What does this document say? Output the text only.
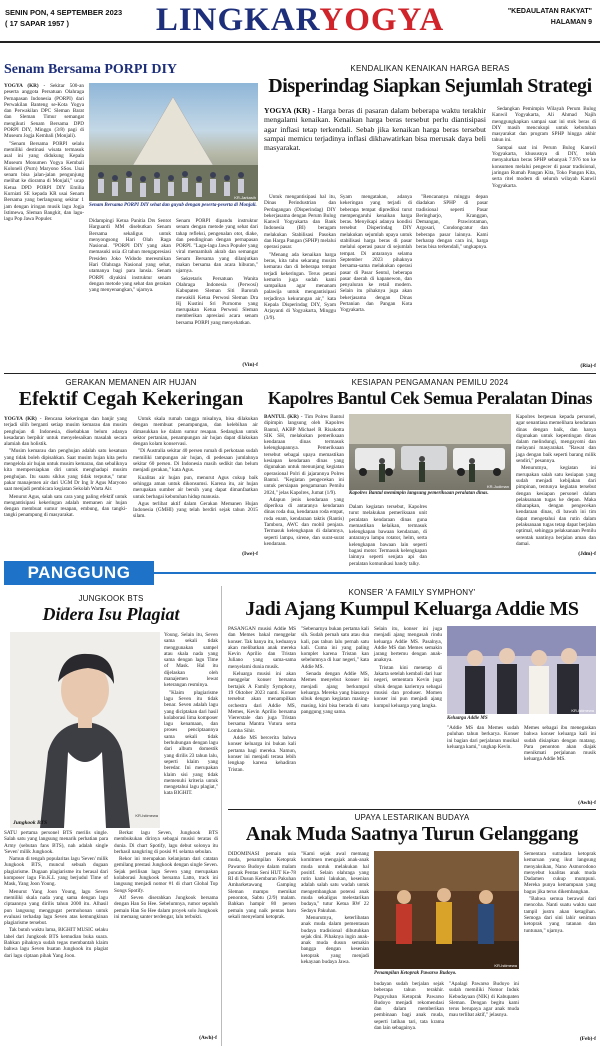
SENIN PON, 4 SEPTEMBER 2023
( 17 SAPAR 1957 )	LINGKARYOGYA	"KEDAULATAN RAKYAT"
HALAMAN 9
Senam Bersama PORPI DIY

YOGYA (KR) - Sekitar 500-an peserta anggota Persatuan Olahraga Pernapasan Indonesia (PORPI) dari Perwakilan Banteng se-Kota Yogya dan Perwakilan DPC Sleman Barat dan Sleman Timur semangat mengikuti Senam Bersama DPD PORPI DIY, Minggu (3/8) pagi di Museum Jogja Kembali (Monjali).

"Senam Bersama PORPI selalu memiliki destinasi wisata termasuk asal ini yang didukung Kepala Museum Monumen Yogya Kembali Koloneli (Purn) Maryono SSos. Usai senam bisa jalan-jalan pengunjung melihat ke diorama di Monjali," ucap Ketua DPD PORPI DIY Emilia Kurniati SE kepada KR usai Senam Bersama yang berlangsung sekitar 1 jam dengan iringan musik lagu Jogja Istimewa, Sleman Bangkit, dan lagu-lagu Pop Jawa Populer.

KR-Jarkasih
Senam Bersama PORPI DIY sehat dan guyub dengan peserta-peserta di Monjali.

Didampingi Ketua Panitia Drs Sentot Harguardi MM disebutkan Senam Bersama sekaligus untuk menyongsong Hari Olah Raga Nasional. "PORPI DIY yang akan memasuki usia 43 tahun mengapresiasi Presiden Joko Widodo meresmikan Hari Olahraga Nasional yang sehat, utamanya bagi para lansia. Senam PORPI diyakini instruktur senam dengan metode yang sehat dan gerakan yang menyenangkan," ujarnya.

Senam PORPI dipandu instruktur senam dengan metode yang sehat dari tahap refleksi, pengenalan otot, diake, dan pendinginan dengan pernapasan PORPI. "Lagu-lagu Jawa Populer yang viral memambah akrab dan semangat Senam Bersama yang dilanjutkan makan bersama dan acara hiburan," ujarnya.

Sekretaris Persatuan Wanita Olahraga Indonesia (Perwosi) Kabupaten Sleman Siti Barorah mewakili Ketua Perwosi Sleman Dra Hj Kustini Sri Purnomo yang merupakan Ketua Perwosi Sleman memberikan apresiasi acara senam bersama PORPI yang menyehatkan.

(Vin)-f
KENDALIKAN KENAIKAN HARGA BERAS
Disperindag Siapkan Sejumlah Strategi
YOGYA (KR) - Harga beras di pasaran dalam beberapa waktu terakhir mengalami kenaikan. Kenaikan harga beras tersebut perlu diantisipasi agar inflasi tetap terkendali. Sebab jika kenaikan harga beras tersebut sampai memicu terjadinya inflasi dikhawatirkan bisa merusak daya beli masyarakat.

Untuk mengantisipasi hal itu, Dinas Perindustrian dan Perdagangan (Disperindag) DIY bekerjasama dengan Perum Bulog Kanwil Yogyakarta dan Bank Indonesia (BI) beragam melakukan Stabilisasi Pasokan dan Harga Pangan (SPHP) melalui operasi pasar.

"Menang ada kenaikan harga beras, kita tahu sekarang musim kemarau dan di beberapa tempat terjadi kekeringan. Terus petani kemarin juga sudah kami sampaikan agar menanam palawija untuk mengantisipasi terjadinya kekurangan air," kata Kepala Disperindag DIY, Syam Arjayanti di Yogyakarta, Minggu (3/9).

Syam mengatakan, adanya kekeringan yang terjadi di beberapa tempat diprediksi turut mempengaruhi kenaikan harga beras. Menyikapi adanya kondisi tersebut Disperindag DIY melakukan sejumlah upaya untuk stabilisasi harga beras di pasar melalui operasi pasar di sejumlah tempat. Di antaranya selama September 2023 pihaknya bersama-sama melakukan operasi pasar di Pasar Sentul, beberapa pasar daerah di kapanewon, dan penyaluran ke retail modern. Selain itu pihaknya juga akan bekerjasama dengan Dinas Pertanian dan Pangan Kota Yogyakarta.

"Rencananya minggu depan diadakan SPHP di pasar tradisional seperti Pasar Beringharjo, Kranggan, Demangan, Prawirotaman, Argosari, Condongcatur dan beberapa pasar lainnya. Kami berharap dengan cara ini, harga beras bisa terkendali," ungkapnya.

Sedangkan Pemimpin Wilayah Perum Bulog Kanwil Yogyakarta, Ali Ahmad Najih menggungkapkan sampai saat ini stok beras di DIY masih mencukupi untuk kebutuhan masyarakat dan program SPHP hingga akhir tahun ini.

Sampai saat ini Perum Bulog Kanwil Yogyakarta, khususnya di DIY, telah menyalurkan beras SPHP sebanyak 7.976 ton ke konsumen melalui pengecer di pasar tradisional, jaringan Rumah Pangan Kita, Toko Pangan Kita, serta ritel modern di seluruh wilayah Kanwil Yogyakarta.

(Ria)-f
GERAKAN MEMANEN AIR HUJAN
Efektif Cegah Kekeringan

YOGYA (KR) - Bencana kekeringan dan banjir yang terjadi silih berganti setiap musim kemarau dan musim penghujan di Indonesia, disebabkan belum adanya kesadaran berpikir untuk menyelesaikan masalah secara alamiah dan holistik.

"Musim kemarau dan penghujan adalah satu kesatuan yang tidak boleh dipisahkan. Saat musim hujan kita perlu mengelola air hujan untuk musim kemarau, dan sebaliknya kita mempersiapkan diri untuk menghadapi musim penghujan. Itu suatu siklus yang tidak terputus," tutur pakar manajemen air dari UGM Dr Ing Ir Agus Maryono saat menjadi pembicara kegiatan Sekolah Warta Air.

Menurut Agus, salah satu cara yang paling efektif untuk mengantisipasi kekeringan adalah memanen air hujan dengan membuat sumur resapan, embung, dan tangki-tangki penampung di masyarakat.

Untuk skala rumah tangga misalnya, bisa dilakukan dengan membuat penampungan, dan kelebihan air dimasukkan ke dalam sumur resapan. Sedangkan untuk sektor pertanian, penampungan air hujan dapat dilakukan dengan kolam konservasi.

"Di Australia sekitar 40 persen rumah di perkotaan sudah memiliki tampungan air hujan, di pedesaan jumlahnya sekitar 60 persen. Di Indonesia masih sedikit dan belum menjadi gerakan," kata Agus.

Kualitas air hujan pun, menurut Agus cukup baik sehingga aman untuk dikonsumsi. Karena itu, air hujan merupakan sumber air bersih yang dapat dimanfaatkan untuk berbagai kebutuhan hidup manusia.

Agus terlibat aktif dalam Gerakan Memanen Hujan Indonesia (GMHI) yang telah berdiri sejak tahun 2015 silam.

(Iwe)-f
KESIAPAN PENGAMANAN PEMILU 2024
Kapolres Bantul Cek Semua Peralatan Dinas

BANTUL (KR) - Tim Polres Bantul dipimpin langsung oleh Kapolres Bantul, AKBP Michael R Risakotta SIK SH, melakukan pemeriksaan kendaraan dinas termasuk kelengkapannya. Pemeriksaan tersebut sebagai upaya memastikan kesiapan kendaraan dinas yang digunakan untuk menunjang kegiatan operasional Polri di jajarannya Polres Bantul. "Kegiatan pengecekan ini untuk persiapan pengamanan Pemilu 2024," jelas Kapolres, Jumat (1/9).

Adapun jenis kendaraan yang diperiksa di antaranya kendaraan dinas roda dua, kendaraan roda empat, roda enam, kendaraan taktis (Rantis) Tambora, AWC dan mobil penjara. Termasuk kelengkapan di dalamnya, seperti lampu, sirene, dan surat-surat kendaraan.

KR-Judiman
Kapolres Bantul memimpin langsung pemeriksaan peralatan dinas.

Dalam kegiatan tersebut, Kapolres turut melakukan pemeriksaan unit peralatan kendaraan dinas guna memastikan kelaikan, termasuk kelengkapan bawaan kendaraan, di antaranya lampu rotator, helm, serta kelengkapan bawaan lain seperti bagasi motor. Termasuk kelengkapan lainnya seperti senjata api dan peralatan komunikasi handy talky.

Kapolres berpesan kepada personel, agar senantiasa memelihara kendaraan dinas dengan baik, dan hanya digunakan untuk kepentingan dinas dalam melindungi, mengayomi dan melayani masyarakat. "Rawat dan jaga dengan baik seperti barang milik sendiri," pesannya.

Menurutnya, kegiatan ini merupakan salah satu kesiapan yang sudah menjadi kebijakan dari pimpinan, tentunya kegiatan tersebut dengan kesiapan personel dalam pelaksanaan tugas ke depan. Maka diharapkan, dengan pengecekan kendaraan dinas, di bawah ini tim dapat mengetahui dan rutin dalam pelaksanaan tugas tetap dapat berjalan optimal, sehingga pelaksanaan Pemilu serentak nantinya berjalan aman dan damai.

(Jdm)-f
PANGGUNG
JUNGKOOK BTS
Didera Isu Plagiat
Jungkook BTS
KR-Istimewa

Young. Selain itu, Seven sama sekali tidak menggunakan sampel atau skala nada yang sama dengan lagu Time of Mask. Hal itu dijelaskan oleh manajemen lewat keterangan resminya.

"Klaim plagiarisme lagu Seven itu tidak benar. Seven adalah lagu yang diciptakan dari hasil kolaborasi lima komposer lagu kenamaan, dan proses penciptaannya sama sekali tidak berhubungan dengan lagu dari album domestik yang dirilis 23 tahun lalu, seperti klaim yang beredar. Ini merupakan klaim sisi yang tidak memenuhi kriteria untuk mengetahui lagu plagiat," kata BIGHIT.

SATU pertama personel BTS merilis single. Salah satu yang langsung menarik perhatian para Army (sebutan fans BTS), nah adalah single 'Seven' milik Jungkook.

Namun di tengah popularitas lagu 'Seven' milik Jungkook BTS, muncul sebuah dugaan plagiarisme. Dugaan plagiarisme itu berasal dari komposer lagu Fin.K.L yang berjudul Time of Mask, Yang Joon Young.

Menurut Yang Joon Young, lagu Seven memiliki skala nada yang sama dengan lagu ciptaannya yang dirilis tahun 2000 itu. Alhasil pun langsung menggugat permohonan untuk evaluasi terhadap lagu Seven atas kemungkinan plagiarisme tersebut.

Tak butuh waktu lama, BIGHIT MUSIC selaku label dari Jungkook BTS kemudian buka suara. Bahkan pihaknya sudah tegas membantah klaim bahwa lagu Seven buatan Jungkook itu plagiat dari lagu ciptaan pihak Yang Joon.

Berkat lagu Seven, Jungkook BTS membukukan dirinya sebagai musisi teratas di dunia. Di chart Spotify, lagu debut solonya itu berhasil nangkring di posisi #1 selama sebulan.

Rekor ini merupakan kelanjutan dari catatan gemilang prestasi Jungkook dengan single Seven. Sejak perilisan lagu Seven yang merupakan kolaborasi Jungkook bersama Latto, track ini langsung menjadi nomor #1 di chart Global Top Songs Spotify.

Alf Seven diserahkan Jungkook bersama dengan Han So Hee. Sebelumnya, rumor sepuluh pemain Han So Hee dalam proyek solo Jungkook ini memang santer terdengar, lalu terbukti.

(Awh)-f
KONSER 'A FAMILY SYMPHONY'
Jadi Ajang Kumpul Keluarga Addie MS

PASANGAN musisi Addie MS dan Memes bakal menggelar konser. Tak hanya itu, keduanya akan melibatkan anak mereka Kevin Aprilio dan Tristan Juliano yang sama-sama menyelami dunia musik.

Keluarga musisi ini akan menggelar konser bersama bertajuk A Family Symphony, 19 Oktober 2023 nanti. Konser tersebut akan menampilkan orchestra dari Addie MS, Memes, Kevin Aprilio bersama Viererstale dan juga Tristan bersama Mantra Vutura serta Lomba Sihir.

Addie MS bercerita bahwa konser keluarga ini bukan kali pertama bagi mereka. Namun, konser ini menjadi terasa lebih lengkap karena kehadiran Tristan.

"Sebenarnya bukan pertama kali sih. Sudah pernah satu atau dua kali, pas tahun lalu pernah satu kali. Cuma ini yang paling komplet karena Tristan kan sebelumnya di luar negeri," kata Addie MS.

Senada dengan Addie MS, Memes menyebut konser ini menjadi ajang berkumpul keluarga. Mereka yang biasanya sibuk dengan kegiatan masing-masing, kini bisa berada di satu panggung yang sama.

Selain itu, konser ini juga menjadi ajang mengasah rindu keluarga Addie MS. Pasalnya, Addie MS dan Memes semakin jarang bertemu dengan anak-anaknya.

Tristan kini menetap di Jakarta setelah kembali dari luar negeri, sementara Kevin juga sibuk dengan kariernya sebagai musisi dan produser. Momen konser ini pun menjadi ajang kumpul keluarga yang langka.

KR-Istimewa
Keluarga Addie MS

"Addie MS dan Memes sudah puluhan tahun berkarya. Konser ini bagian dari perjalanan musikal keluarga kami," ungkap Kevin.

Memes sebagai ibu menegaskan bahwa konser keluarga kali ini sudah disiapkan dengan matang. Para penonton akan diajak menikmati perjalanan musik keluarga Addie MS.

(Awh)-f
UPAYA LESTARIKAN BUDAYA
Anak Muda Saatnya Turun Gelanggang

DIDOMINASI pemain usia muda, penampilan Ketoprak Pawarso Budoyo dalam malam puncak Pentas Seni HUT Ke-78 RI di Dusun Kembaran Pakuhan Ambarketawang Gamping Sleman mampu memikat penonton, Sabtu (2/9) malam. Bahkan hampir 80 persen pemain yang naik pentas baru sekali menyelami ketoprak.

"Kami sejak awal memang komitmen mengajak anak-anak muda untuk melakukan hal positif. Selain olahraga yang rutin kami lakukan, kesenian adalah salah satu wadah untuk mengembangkan potensi anak muda sekaligus melestarikan budaya," tutur Ketua RW 22 Sedayu Pakuhan.

Menurutnya, keterlibatan anak muda dalam pementasan budaya tradisional dibutuhkan sejak dini. Pihaknya ingin anak-anak muda dusun semakin bangga dengan kesenian ketoprak yang menjadi kekayaan budaya Jawa.

KR-Istimewa
Penampilan Ketoprak Pawarso Budoyo.

budayan sudah berjalan sejak beberapa tahun terakhir. Paguyuban Ketoprak Pawarso Budoyo menjadi rekomendasi dan dalam memberikan pembinaan bagi anak muda, seperti latihan tari, tata krama dan lain sebagainya.

"Apalagi Pawarso Budoyo ini sudah memiliki Nomor Induk Kebudayaan (NIK) di Kabupaten Sleman. Dengan begitu kami terus berupaya agar anak muda mau terlibat aktif," jelasnya.

Sementara sutradara ketoprak kemaruan yang ikut langsung menyaksikan, Nano Asmorodono menyebut kualitas anak muda Dadamen cukup mumpuni. Mereka punya kemampuan yang bagus jika terus dikembangkan.

"Bahwa semua berawal dari mencoba. Nanti suatu waktu saat tampil justru akan ketagihan. Semoga dari sini lahir seniman ketoprak yang tatanan dan tuntunan," ujarnya.

(Feb)-f
